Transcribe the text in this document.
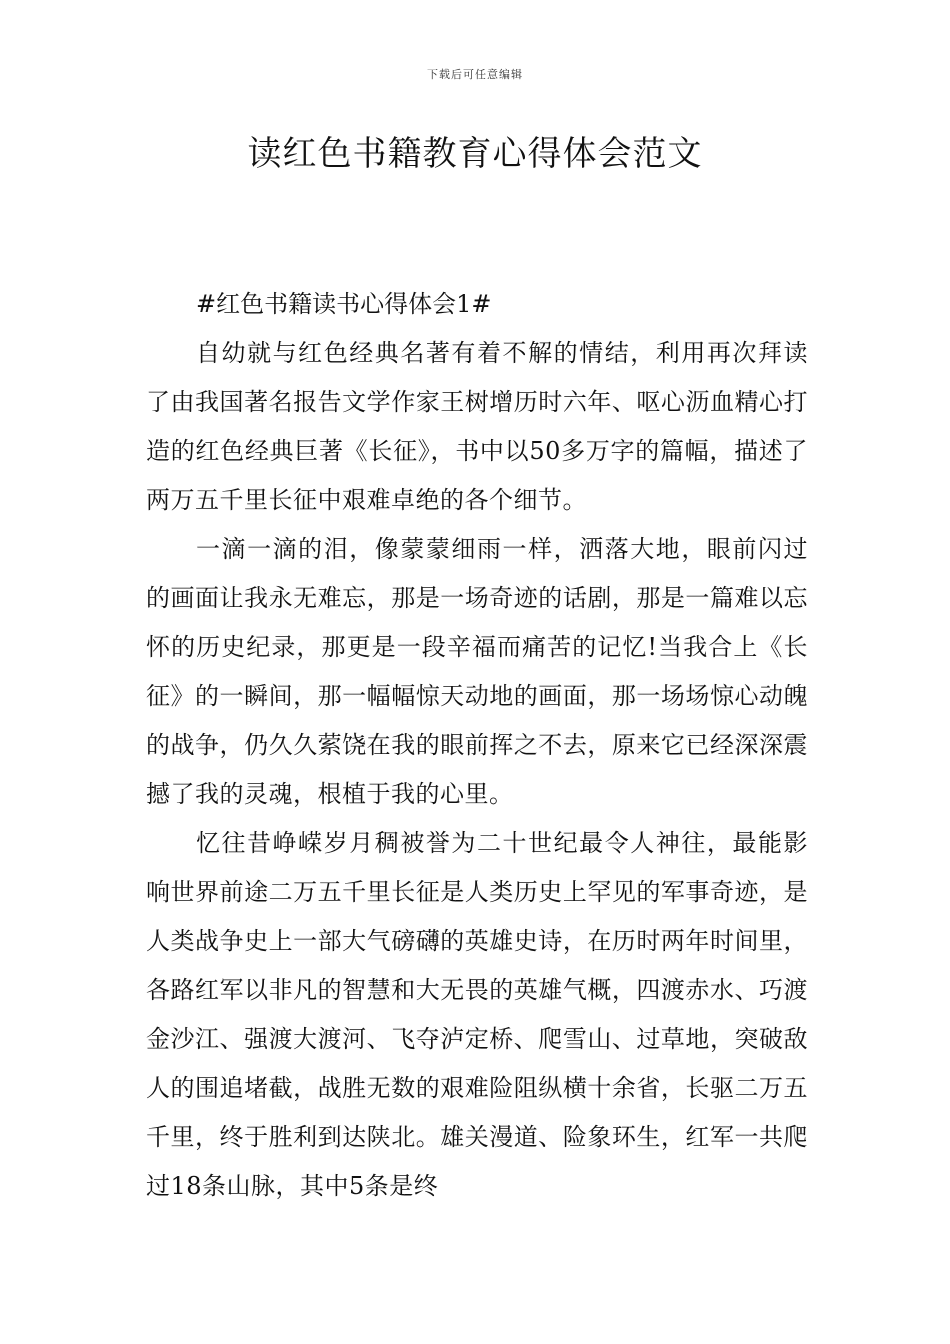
下载后可任意编辑
读红色书籍教育心得体会范文

#红色书籍读书心得体会1#

自幼就与红色经典名著有着不解的情结，利用再次拜读了由我国著名报告文学作家王树增历时六年、呕心沥血精心打造的红色经典巨著《长征》，书中以50多万字的篇幅，描述了两万五千里长征中艰难卓绝的各个细节。

一滴一滴的泪，像蒙蒙细雨一样，洒落大地，眼前闪过的画面让我永无难忘，那是一场奇迹的话剧，那是一篇难以忘怀的历史纪录，那更是一段辛福而痛苦的记忆!当我合上《长征》的一瞬间，那一幅幅惊天动地的画面，那一场场惊心动魄的战争，仍久久萦饶在我的眼前挥之不去，原来它已经深深震撼了我的灵魂，根植于我的心里。

忆往昔峥嵘岁月稠被誉为二十世纪最令人神往，最能影响世界前途二万五千里长征是人类历史上罕见的军事奇迹，是人类战争史上一部大气磅礴的英雄史诗，在历时两年时间里，各路红军以非凡的智慧和大无畏的英雄气概，四渡赤水、巧渡金沙江、强渡大渡河、飞夺泸定桥、爬雪山、过草地，突破敌人的围追堵截，战胜无数的艰难险阻纵横十余省，长驱二万五千里，终于胜利到达陕北。雄关漫道、险象环生，红军一共爬过18条山脉，其中5条是终
